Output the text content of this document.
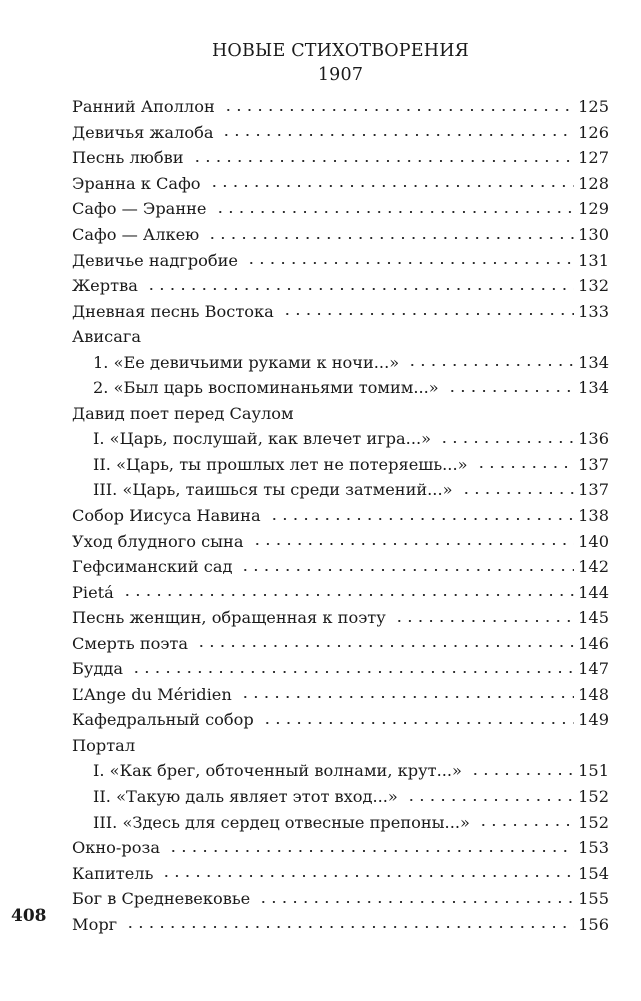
НОВЫЕ СТИХОТВОРЕНИЯ
1907
Ранний Аполлон	125
Девичья жалоба	126
Песнь любви	127
Эранна к Сафо	128
Сафо — Эранне	129
Сафо — Алкею	130
Девичье надгробие	131
Жертва	132
Дневная песнь Востока	133
Ависага
1. «Ее девичьими руками к ночи...»	134
2. «Был царь воспоминаньями томим...»	134
Давид поет перед Саулом
I. «Царь, послушай, как влечет игра...»	136
II. «Царь, ты прошлых лет не потеряешь...»	137
III. «Царь, таишься ты среди затмений...»	137
Собор Иисуса Навина	138
Уход блудного сына	140
Гефсиманский сад	142
Pietá	144
Песнь женщин, обращенная к поэту	145
Смерть поэта	146
Будда	147
L’Ange du Méridien	148
Кафедральный собор	149
Портал
I. «Как брег, обточенный волнами, крут...»	151
II. «Такую даль являет этот вход...»	152
III. «Здесь для сердец отвесные препоны...»	152
Окно-роза	153
Капитель	154
Бог в Средневековье	155
Морг	156
408
